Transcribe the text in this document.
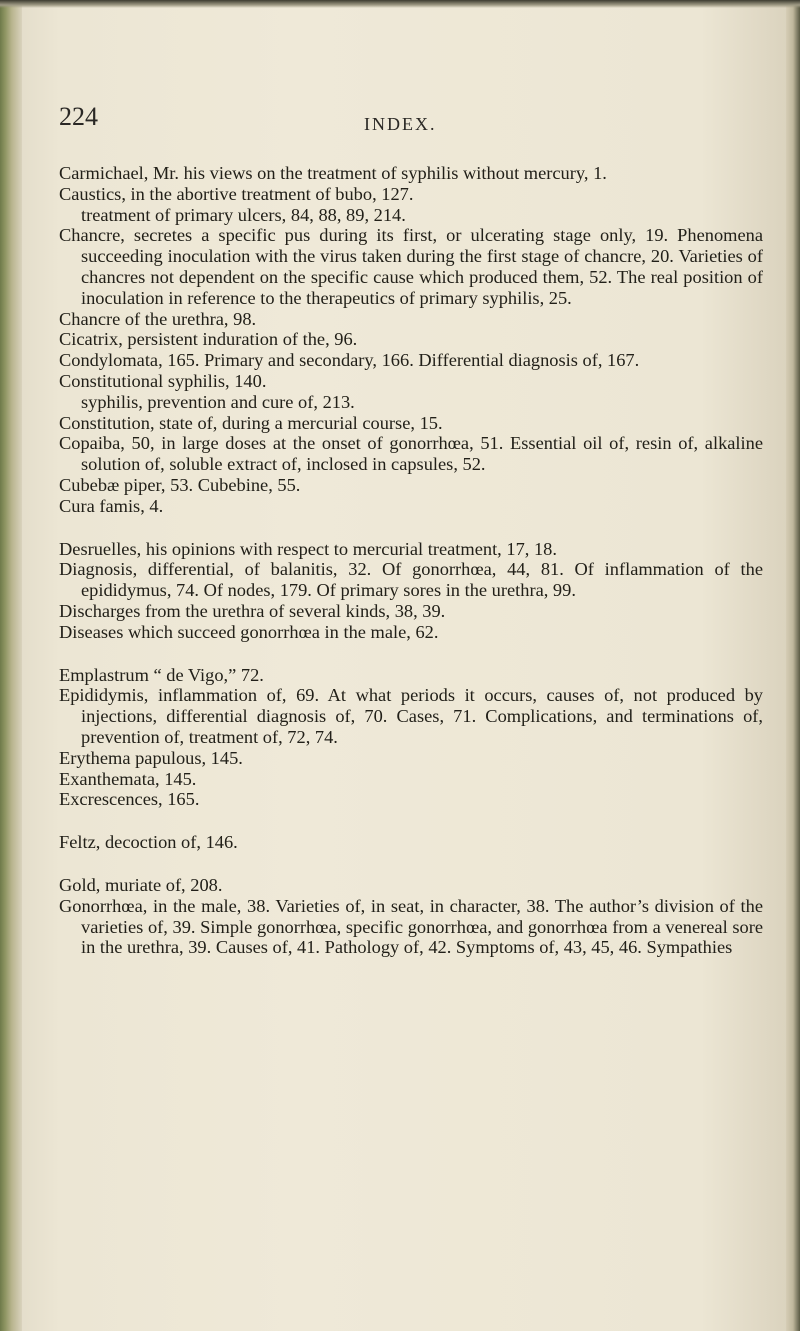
224	INDEX.

Carmichael, Mr. his views on the treatment of syphilis without mercury, 1.

Caustics, in the abortive treatment of bubo, 127.

treatment of primary ulcers, 84, 88, 89, 214.

Chancre, secretes a specific pus during its first, or ulcerating stage only, 19. Phenomena succeeding inoculation with the virus taken during the first stage of chancre, 20. Varieties of chancres not dependent on the specific cause which produced them, 52. The real position of inoculation in reference to the therapeutics of primary syphilis, 25.

Chancre of the urethra, 98.

Cicatrix, persistent induration of the, 96.

Condylomata, 165. Primary and secondary, 166. Differential diagnosis of, 167.

Constitutional syphilis, 140.

syphilis, prevention and cure of, 213.

Constitution, state of, during a mercurial course, 15.

Copaiba, 50, in large doses at the onset of gonorrhœa, 51. Essential oil of, resin of, alkaline solution of, soluble extract of, inclosed in capsules, 52.

Cubebæ piper, 53. Cubebine, 55.

Cura famis, 4.

Desruelles, his opinions with respect to mercurial treatment, 17, 18.

Diagnosis, differential, of balanitis, 32. Of gonorrhœa, 44, 81. Of inflammation of the epididymus, 74. Of nodes, 179. Of primary sores in the urethra, 99.

Discharges from the urethra of several kinds, 38, 39.

Diseases which succeed gonorrhœa in the male, 62.

Emplastrum “ de Vigo,” 72.

Epididymis, inflammation of, 69. At what periods it occurs, causes of, not produced by injections, differential diagnosis of, 70. Cases, 71. Complications, and terminations of, prevention of, treatment of, 72, 74.

Erythema papulous, 145.

Exanthemata, 145.

Excrescences, 165.

Feltz, decoction of, 146.

Gold, muriate of, 208.

Gonorrhœa, in the male, 38. Varieties of, in seat, in character, 38. The author’s division of the varieties of, 39. Simple gonorrhœa, specific gonorrhœa, and gonorrhœa from a venereal sore in the urethra, 39. Causes of, 41. Pathology of, 42. Symptoms of, 43, 45, 46. Sympathies
